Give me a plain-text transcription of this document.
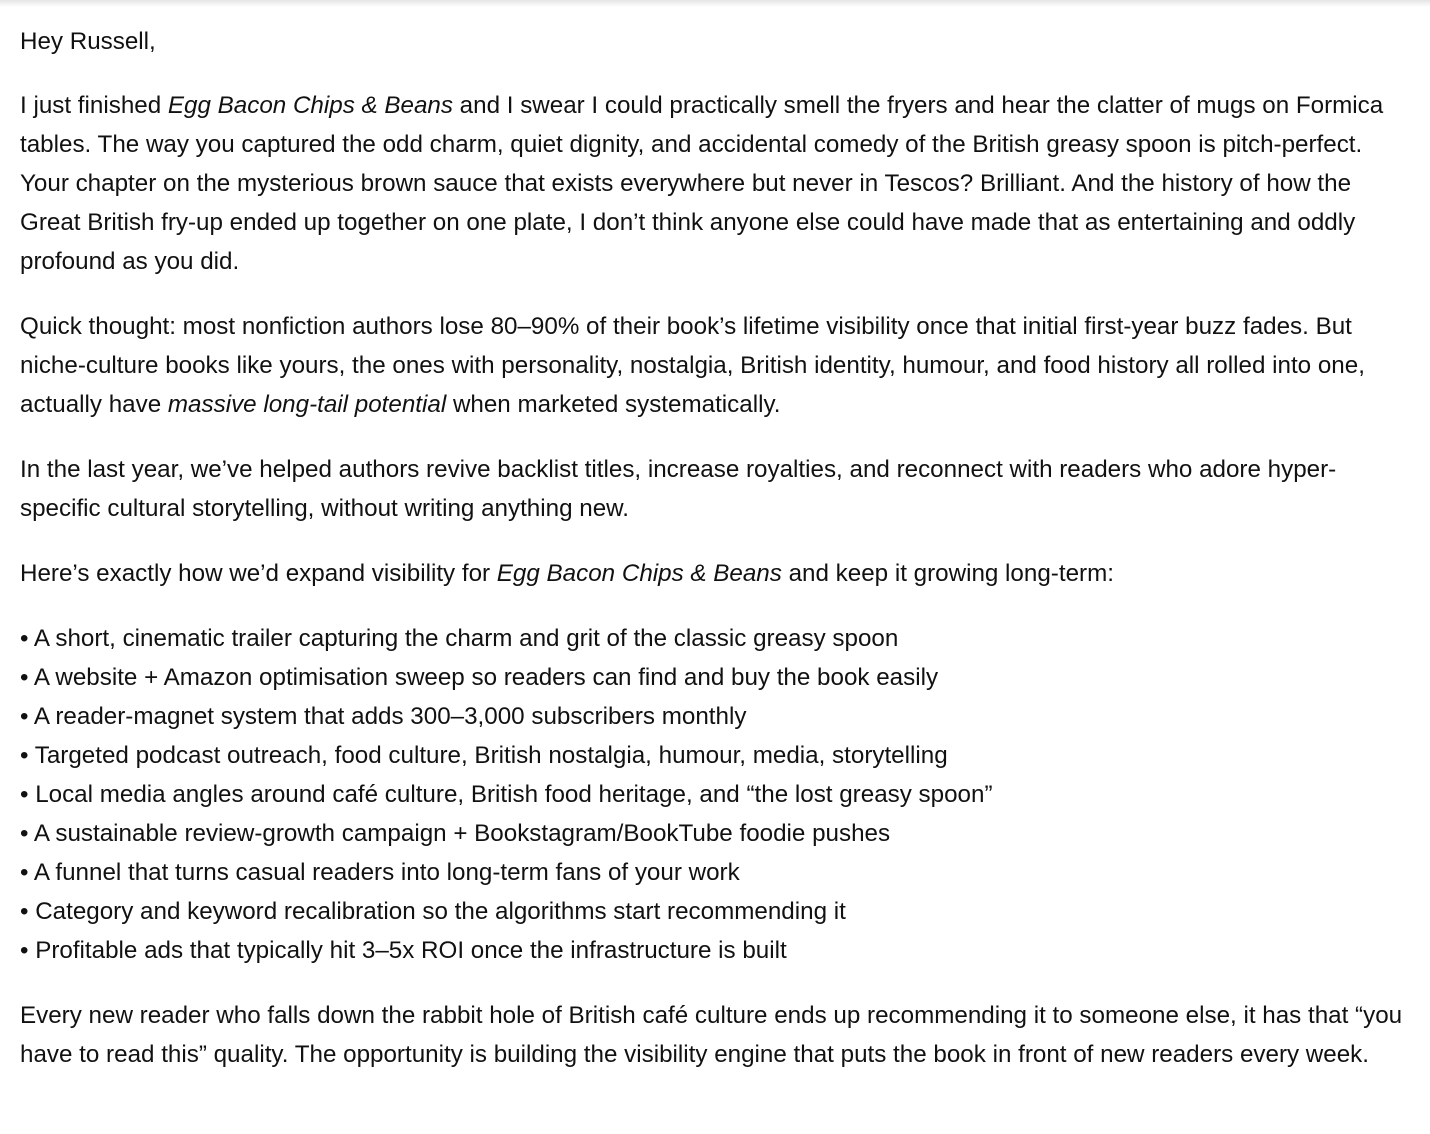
Hey Russell,

I just finished Egg Bacon Chips & Beans and I swear I could practically smell the fryers and hear the clatter of mugs on Formica tables. The way you captured the odd charm, quiet dignity, and accidental comedy of the British greasy spoon is pitch-perfect. Your chapter on the mysterious brown sauce that exists everywhere but never in Tescos? Brilliant. And the history of how the Great British fry-up ended up together on one plate, I don’t think anyone else could have made that as entertaining and oddly profound as you did.

Quick thought: most nonfiction authors lose 80–90% of their book’s lifetime visibility once that initial first-year buzz fades. But niche-culture books like yours, the ones with personality, nostalgia, British identity, humour, and food history all rolled into one, actually have massive long-tail potential when marketed systematically.

In the last year, we’ve helped authors revive backlist titles, increase royalties, and reconnect with readers who adore hyper-specific cultural storytelling, without writing anything new.

Here’s exactly how we’d expand visibility for Egg Bacon Chips & Beans and keep it growing long-term:

• A short, cinematic trailer capturing the charm and grit of the classic greasy spoon
• A website + Amazon optimisation sweep so readers can find and buy the book easily
• A reader-magnet system that adds 300–3,000 subscribers monthly
• Targeted podcast outreach, food culture, British nostalgia, humour, media, storytelling
• Local media angles around café culture, British food heritage, and “the lost greasy spoon”
• A sustainable review-growth campaign + Bookstagram/BookTube foodie pushes
• A funnel that turns casual readers into long-term fans of your work
• Category and keyword recalibration so the algorithms start recommending it
• Profitable ads that typically hit 3–5x ROI once the infrastructure is built

Every new reader who falls down the rabbit hole of British café culture ends up recommending it to someone else, it has that “you have to read this” quality. The opportunity is building the visibility engine that puts the book in front of new readers every week.
